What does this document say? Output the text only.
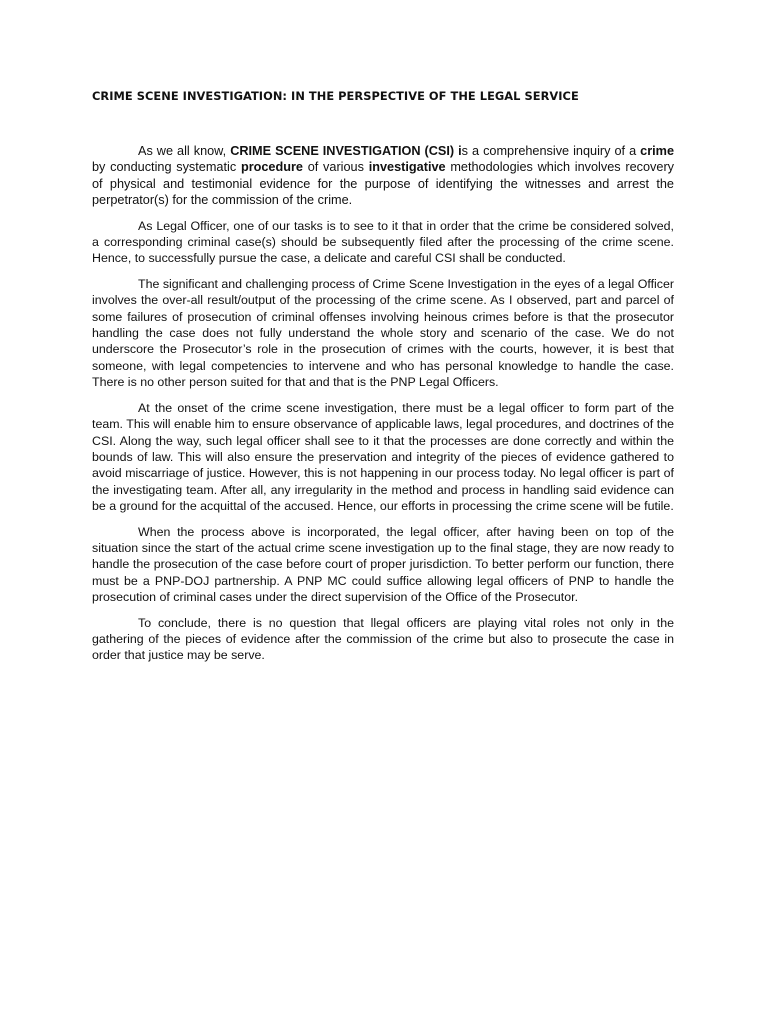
CRIME SCENE INVESTIGATION: IN THE PERSPECTIVE OF THE LEGAL SERVICE

As we all know, CRIME SCENE INVESTIGATION (CSI) is a comprehensive inquiry of a crime by conducting systematic procedure of various investigative methodologies which involves recovery of physical and testimonial evidence for the purpose of identifying the witnesses and arrest the perpetrator(s) for the commission of the crime.

As Legal Officer, one of our tasks is to see to it that in order that the crime be considered solved, a corresponding criminal case(s) should be subsequently filed after the processing of the crime scene. Hence, to successfully pursue the case, a delicate and careful CSI shall be conducted.

The significant and challenging process of Crime Scene Investigation in the eyes of a legal Officer involves the over-all result/output of the processing of the crime scene. As I observed, part and parcel of some failures of prosecution of criminal offenses involving heinous crimes before is that the prosecutor handling the case does not fully understand the whole story and scenario of the case. We do not underscore the Prosecutor’s role in the prosecution of crimes with the courts, however, it is best that someone, with legal competencies to intervene and who has personal knowledge to handle the case. There is no other person suited for that and that is the PNP Legal Officers.

At the onset of the crime scene investigation, there must be a legal officer to form part of the team. This will enable him to ensure observance of applicable laws, legal procedures, and doctrines of the CSI. Along the way, such legal officer shall see to it that the processes are done correctly and within the bounds of law. This will also ensure the preservation and integrity of the pieces of evidence gathered to avoid miscarriage of justice. However, this is not happening in our process today. No legal officer is part of the investigating team. After all, any irregularity in the method and process in handling said evidence can be a ground for the acquittal of the accused. Hence, our efforts in processing the crime scene will be futile.

When the process above is incorporated, the legal officer, after having been on top of the situation since the start of the actual crime scene investigation up to the final stage, they are now ready to handle the prosecution of the case before court of proper jurisdiction. To better perform our function, there must be a PNP-DOJ partnership. A PNP MC could suffice allowing legal officers of PNP to handle the prosecution of criminal cases under the direct supervision of the Office of the Prosecutor.

To conclude, there is no question that llegal officers are playing vital roles not only in the gathering of the pieces of evidence after the commission of the crime but also to prosecute the case in order that justice may be serve.
